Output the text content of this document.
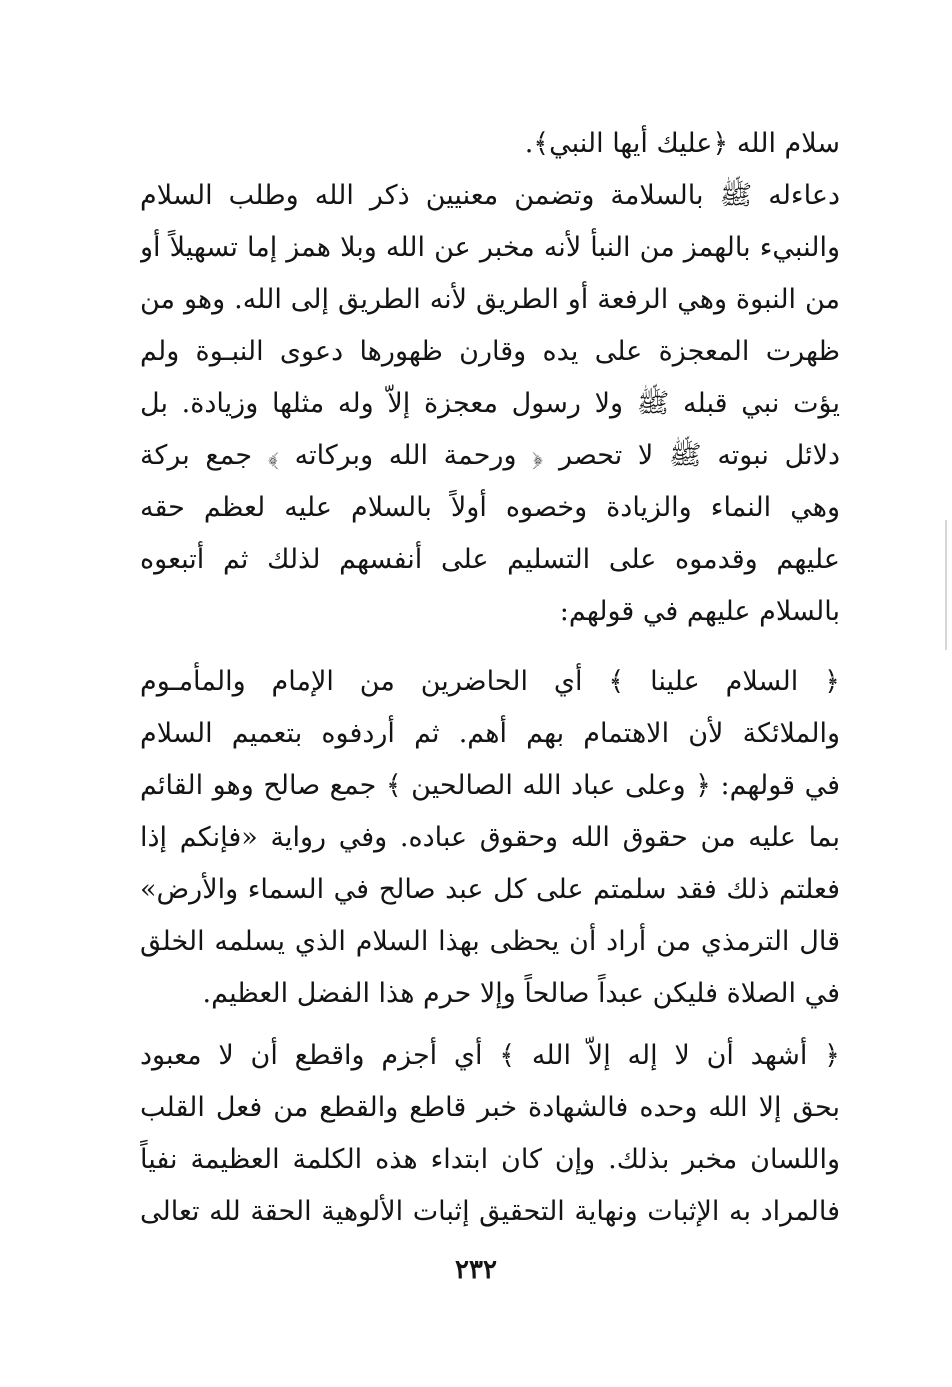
سلام الله ﴿عليك أيها النبي﴾.
دعاءله ﷺ بالسلامة وتضمن معنيين ذكر الله وطلب السلام
والنبيء بالهمز من النبأ لأنه مخبر عن الله وبلا همز إما تسهيلاً أو
من النبوة وهي الرفعة أو الطريق لأنه الطريق إلى الله. وهو من
ظهرت المعجزة على يده وقارن ظهورها دعوى النبـوة ولم
يؤت نبي قبله ﷺ ولا رسول معجزة إلاّ وله مثلها وزيادة. بل
دلائل نبوته ﷺ لا تحصر ﴿ ورحمة الله وبركاته ﴾ جمع بركة
وهي النماء والزيادة وخصوه أولاً بالسلام عليه لعظم حقه
عليهم وقدموه على التسليم على أنفسهم لذلك ثم أتبعوه
بالسلام عليهم في قولهم:
﴿ السلام علينا ﴾ أي الحاضرين من الإمام والمأمـوم
والملائكة لأن الاهتمام بهم أهم. ثم أردفوه بتعميم السلام
في قولهم: ﴿ وعلى عباد الله الصالحين ﴾ جمع صالح وهو القائم
بما عليه من حقوق الله وحقوق عباده. وفي رواية «فإنكم إذا
فعلتم ذلك فقد سلمتم على كل عبد صالح في السماء والأرض»
قال الترمذي من أراد أن يحظى بهذا السلام الذي يسلمه الخلق
في الصلاة فليكن عبداً صالحاً وإلا حرم هذا الفضل العظيم.
﴿ أشهد أن لا إله إلاّ الله ﴾ أي أجزم واقطع أن لا معبود
بحق إلا الله وحده فالشهادة خبر قاطع والقطع من فعل القلب
واللسان مخبر بذلك. وإن كان ابتداء هذه الكلمة العظيمة نفياً
فالمراد به الإثبات ونهاية التحقيق إثبات الألوهية الحقة لله تعالى
٢٣٢
